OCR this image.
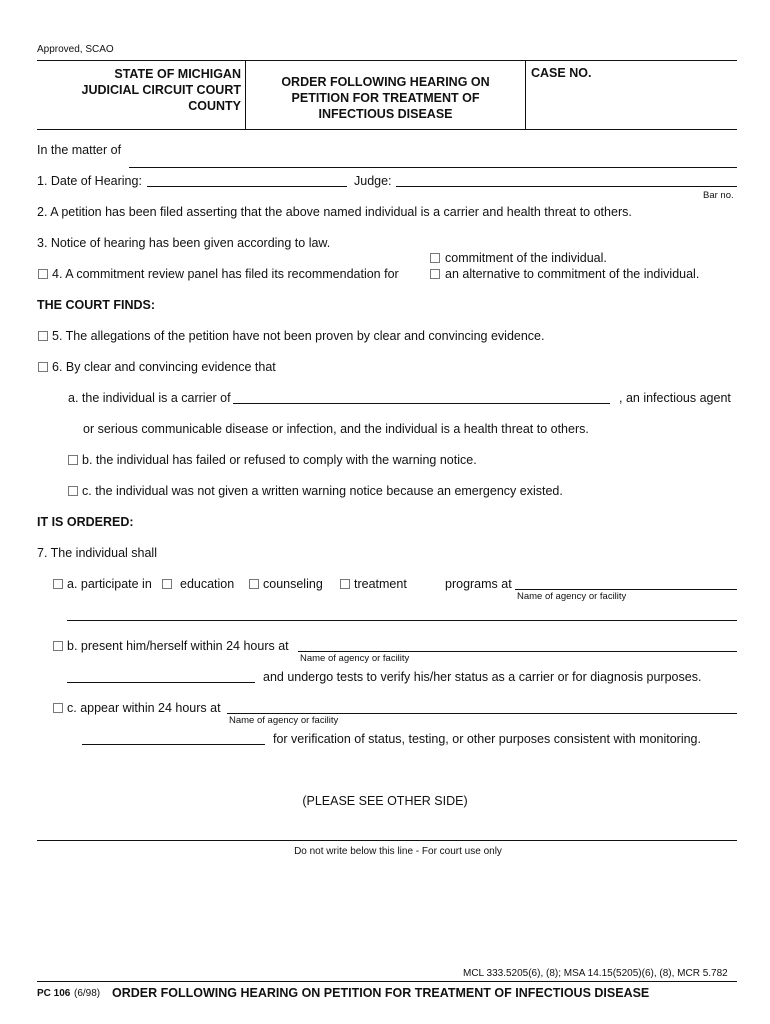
Approved, SCAO
STATE OF MICHIGAN
JUDICIAL CIRCUIT COURT
COUNTY
ORDER FOLLOWING HEARING ON
PETITION FOR TREATMENT OF
INFECTIOUS DISEASE
CASE NO.
In the matter of
1. Date of Hearing:	Judge:
Bar no.
2. A petition has been filed asserting that the above named individual is a carrier and health threat to others.
3. Notice of hearing has been given according to law.
commitment of the individual.
4. A commitment review panel has filed its recommendation for	an alternative to commitment of the individual.
THE COURT FINDS:
5. The allegations of the petition have not been proven by clear and convincing evidence.
6. By clear and convincing evidence that
a. the individual is a carrier of	, an infectious agent
or serious communicable disease or infection, and the individual is a health threat to others.
b. the individual has failed or refused to comply with the warning notice.
c. the individual was not given a written warning notice because an emergency existed.
IT IS ORDERED:
7. The individual shall
a. participate in education counseling treatment	programs at
Name of agency or facility
b. present him/herself within 24 hours at
Name of agency or facility
and undergo tests to verify his/her status as a carrier or for diagnosis purposes.
c. appear within 24 hours at
Name of agency or facility
for verification of status, testing, or other purposes consistent with monitoring.
(PLEASE SEE OTHER SIDE)
Do not write below this line - For court use only
MCL 333.5205(6), (8); MSA 14.15(5205)(6), (8), MCR 5.782
PC 106 (6/98) ORDER FOLLOWING HEARING ON PETITION FOR TREATMENT OF INFECTIOUS DISEASE
